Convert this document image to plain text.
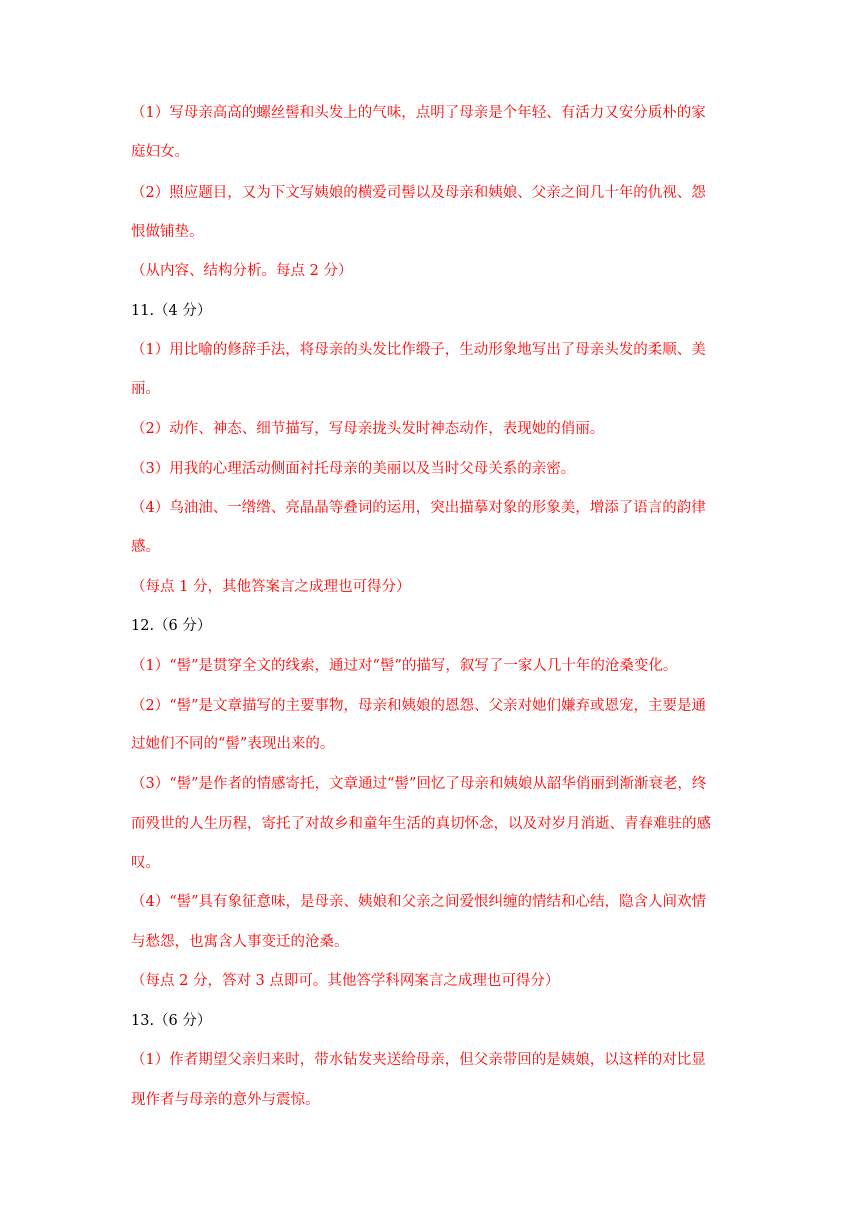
（1）写母亲高高的螺丝髻和头发上的气味，点明了母亲是个年轻、有活力又安分质朴的家
庭妇女。
（2）照应题目，又为下文写姨娘的横爱司髻以及母亲和姨娘、父亲之间几十年的仇视、怨
恨做铺垫。
（从内容、结构分析。每点 2 分）
11.（4 分）
（1）用比喻的修辞手法，将母亲的头发比作缎子，生动形象地写出了母亲头发的柔顺、美
丽。
（2）动作、神态、细节描写，写母亲拢头发时神态动作，表现她的俏丽。
（3）用我的心理活动侧面衬托母亲的美丽以及当时父母关系的亲密。
（4）乌油油、一绺绺、亮晶晶等叠词的运用，突出描摹对象的形象美，增添了语言的韵律
感。
（每点 1 分，其他答案言之成理也可得分）
12.（6 分）
（1）“髻”是贯穿全文的线索，通过对“髻”的描写，叙写了一家人几十年的沧桑变化。
（2）“髻”是文章描写的主要事物，母亲和姨娘的恩怨、父亲对她们嫌弃或恩宠，主要是通
过她们不同的“髻”表现出来的。
（3）“髻”是作者的情感寄托，文章通过“髻”回忆了母亲和姨娘从韶华俏丽到渐渐衰老，终
而殁世的人生历程，寄托了对故乡和童年生活的真切怀念，以及对岁月消逝、青春难驻的感
叹。
（4）“髻”具有象征意味，是母亲、姨娘和父亲之间爱恨纠缠的情结和心结，隐含人间欢情
与愁怨，也寓含人事变迁的沧桑。
（每点 2 分，答对 3 点即可。其他答学科网案言之成理也可得分）
13.（6 分）
（1）作者期望父亲归来时，带水钻发夹送给母亲，但父亲带回的是姨娘，以这样的对比显
现作者与母亲的意外与震惊。
